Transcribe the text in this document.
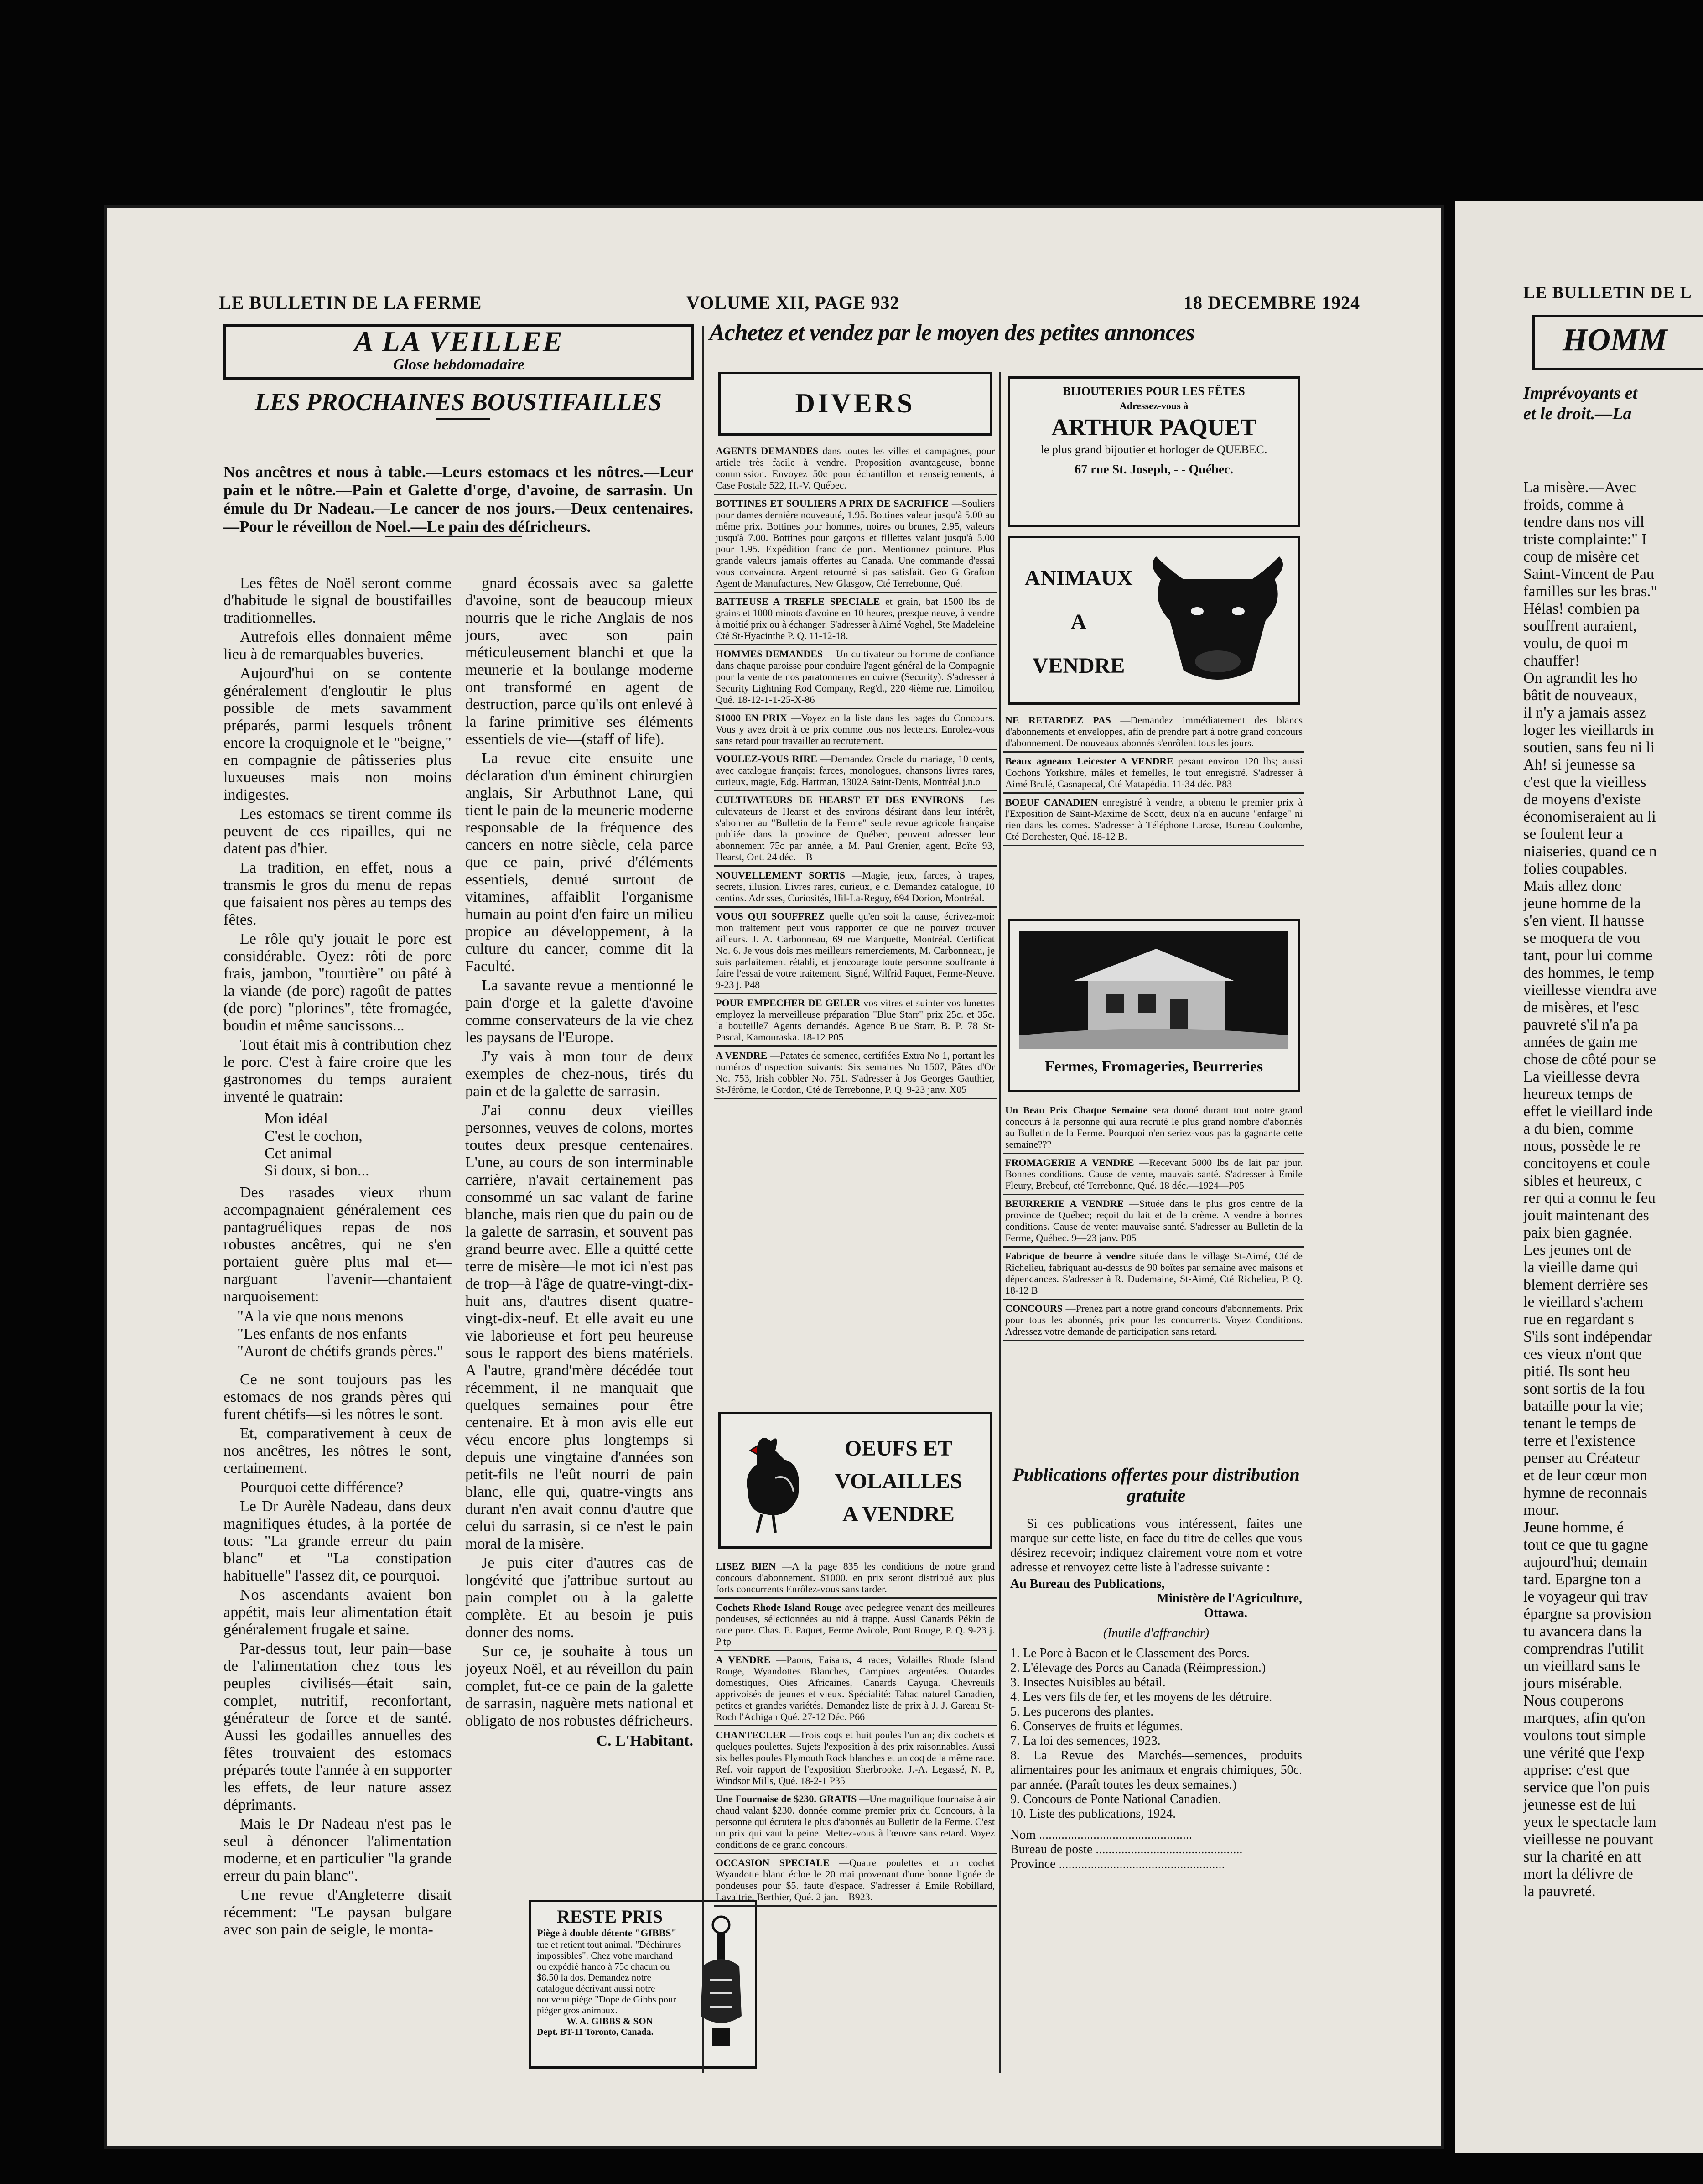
LE BULLETIN DE LA FERME	VOLUME XII, PAGE 932	18 DECEMBRE 1924
A LA VEILLEE
Glose hebdomadaire
LES PROCHAINES BOUSTIFAILLES
Nos ancêtres et nous à table.—Leurs estomacs et les nôtres.—Leur pain et le nôtre.—Pain et Galette d'orge, d'avoine, de sarrasin. Un émule du Dr Nadeau.—Le cancer de nos jours.—Deux centenaires.—Pour le réveillon de Noel.—Le pain des défricheurs.

Les fêtes de Noël seront comme d'habitude le signal de boustifailles traditionnelles.

Autrefois elles donnaient même lieu à de remarquables buveries.

Aujourd'hui on se contente généralement d'engloutir le plus possible de mets savamment préparés, parmi lesquels trônent encore la croquignole et le "beigne," en compagnie de pâtisseries plus luxueuses mais non moins indigestes.

Les estomacs se tirent comme ils peuvent de ces ripailles, qui ne datent pas d'hier.

La tradition, en effet, nous a transmis le gros du menu de repas que faisaient nos pères au temps des fêtes.

Le rôle qu'y jouait le porc est considérable. Oyez: rôti de porc frais, jambon, "tourtière" ou pâté à la viande (de porc) ragoût de pattes (de porc) "plorines", tête fromagée, boudin et même saucissons...

Tout était mis à contribution chez le porc. C'est à faire croire que les gastronomes du temps auraient inventé le quatrain:

Mon idéal
C'est le cochon,
Cet animal
Si doux, si bon...

Des rasades vieux rhum accompagnaient généralement ces pantagruéliques repas de nos robustes ancêtres, qui ne s'en portaient guère plus mal et—narguant l'avenir—chantaient narquoisement:

"A la vie que nous menons
"Les enfants de nos enfants
"Auront de chétifs grands pères."

Ce ne sont toujours pas les estomacs de nos grands pères qui furent chétifs—si les nôtres le sont.

Et, comparativement à ceux de nos ancêtres, les nôtres le sont, certainement.

Pourquoi cette différence?

Le Dr Aurèle Nadeau, dans deux magnifiques études, à la portée de tous: "La grande erreur du pain blanc" et "La constipation habituelle" l'assez dit, ce pourquoi.

Nos ascendants avaient bon appétit, mais leur alimentation était généralement frugale et saine.

Par-dessus tout, leur pain—base de l'alimentation chez tous les peuples civilisés—était sain, complet, nutritif, reconfortant, générateur de force et de santé. Aussi les godailles annuelles des fêtes trouvaient des estomacs préparés toute l'année à en supporter les effets, de leur nature assez déprimants.

Mais le Dr Nadeau n'est pas le seul à dénoncer l'alimentation moderne, et en particulier "la grande erreur du pain blanc".

Une revue d'Angleterre disait récemment: "Le paysan bulgare avec son pain de seigle, le monta-

gnard écossais avec sa galette d'avoine, sont de beaucoup mieux nourris que le riche Anglais de nos jours, avec son pain méticuleusement blanchi et que la meunerie et la boulange moderne ont transformé en agent de destruction, parce qu'ils ont enlevé à la farine primitive ses éléments essentiels de vie—(staff of life).

La revue cite ensuite une déclaration d'un éminent chirurgien anglais, Sir Arbuthnot Lane, qui tient le pain de la meunerie moderne responsable de la fréquence des cancers en notre siècle, cela parce que ce pain, privé d'éléments essentiels, denué surtout de vitamines, affaiblit l'organisme humain au point d'en faire un milieu propice au développement, à la culture du cancer, comme dit la Faculté.

La savante revue a mentionné le pain d'orge et la galette d'avoine comme conservateurs de la vie chez les paysans de l'Europe.

J'y vais à mon tour de deux exemples de chez-nous, tirés du pain et de la galette de sarrasin.

J'ai connu deux vieilles personnes, veuves de colons, mortes toutes deux presque centenaires. L'une, au cours de son interminable carrière, n'avait certainement pas consommé un sac valant de farine blanche, mais rien que du pain ou de la galette de sarrasin, et souvent pas grand beurre avec. Elle a quitté cette terre de misère—le mot ici n'est pas de trop—à l'âge de quatre-vingt-dix-huit ans, d'autres disent quatre-vingt-dix-neuf. Et elle avait eu une vie laborieuse et fort peu heureuse sous le rapport des biens matériels. A l'autre, grand'mère décédée tout récemment, il ne manquait que quelques semaines pour être centenaire. Et à mon avis elle eut vécu encore plus longtemps si depuis une vingtaine d'années son petit-fils ne l'eût nourri de pain blanc, elle qui, quatre-vingts ans durant n'en avait connu d'autre que celui du sarrasin, si ce n'est le pain moral de la misère.

Je puis citer d'autres cas de longévité que j'attribue surtout au pain complet ou à la galette complète. Et au besoin je puis donner des noms.

Sur ce, je souhaite à tous un joyeux Noël, et au réveillon du pain complet, fut-ce ce pain de la galette de sarrasin, naguère mets national et obligato de nos robustes défricheurs.

C. L'Habitant.
RESTE PRIS
Piège à double détente "GIBBS"
tue et retient tout animal. "Déchirures impossibles". Chez votre marchand ou expédié franco à 75c chacun ou $8.50 la dos. Demandez notre catalogue décrivant aussi notre nouveau piège "Dope de Gibbs pour piéger gros animaux.
W. A. GIBBS & SON
Dept. BT-11 Toronto, Canada.
Achetez et vendez par le moyen des petites annonces
DIVERS
AGENTS DEMANDES dans toutes les villes et campagnes, pour article très facile à vendre. Proposition avantageuse, bonne commission. Envoyez 50c pour échantillon et renseignements, à Case Postale 522, H.-V. Québec.
BOTTINES ET SOULIERS A PRIX DE SACRIFICE —Souliers pour dames dernière nouveauté, 1.95. Bottines valeur jusqu'à 5.00 au même prix. Bottines pour hommes, noires ou brunes, 2.95, valeurs jusqu'à 7.00. Bottines pour garçons et fillettes valant jusqu'à 5.00 pour 1.95. Expédition franc de port. Mentionnez pointure. Plus grande valeurs jamais offertes au Canada. Une commande d'essai vous convaincra. Argent retourné si pas satisfait. Geo G Grafton Agent de Manufactures, New Glasgow, Cté Terrebonne, Qué.
BATTEUSE A TREFLE SPECIALE et grain, bat 1500 lbs de grains et 1000 minots d'avoine en 10 heures, presque neuve, à vendre à moitié prix ou à échanger. S'adresser à Aimé Voghel, Ste Madeleine Cté St-Hyacinthe P. Q. 11-12-18.
HOMMES DEMANDES —Un cultivateur ou homme de confiance dans chaque paroisse pour conduire l'agent général de la Compagnie pour la vente de nos paratonnerres en cuivre (Security). S'adresser à Security Lightning Rod Company, Reg'd., 220 4ième rue, Limoilou, Qué. 18-12-1-1-25-X-86
$1000 EN PRIX —Voyez en la liste dans les pages du Concours. Vous y avez droit à ce prix comme tous nos lecteurs. Enrolez-vous sans retard pour travailler au recrutement.
VOULEZ-VOUS RIRE —Demandez Oracle du mariage, 10 cents, avec catalogue français; farces, monologues, chansons livres rares, curieux, magie, Edg. Hartman, 1302A Saint-Denis, Montréal j.n.o
CULTIVATEURS DE HEARST ET DES ENVIRONS —Les cultivateurs de Hearst et des environs désirant dans leur intérêt, s'abonner au "Bulletin de la Ferme" seule revue agricole française publiée dans la province de Québec, peuvent adresser leur abonnement 75c par année, à M. Paul Grenier, agent, Boîte 93, Hearst, Ont. 24 déc.—B
NOUVELLEMENT SORTIS —Magie, jeux, farces, à trapes, secrets, illusion. Livres rares, curieux, e c. Demandez catalogue, 10 centins. Adr sses, Curiosités, Hil-La-Reguy, 694 Dorion, Montréal.
VOUS QUI SOUFFREZ quelle qu'en soit la cause, écrivez-moi: mon traitement peut vous rapporter ce que ne pouvez trouver ailleurs. J. A. Carbonneau, 69 rue Marquette, Montréal. Certificat No. 6. Je vous dois mes meilleurs remerciements, M. Carbonneau, je suis parfaitement rétabli, et j'encourage toute personne souffrante à faire l'essai de votre traitement, Signé, Wilfrid Paquet, Ferme-Neuve. 9-23 j. P48
POUR EMPECHER DE GELER vos vitres et suinter vos lunettes employez la merveilleuse préparation "Blue Starr" prix 25c. et 35c. la bouteille7 Agents demandés. Agence Blue Starr, B. P. 78 St-Pascal, Kamouraska. 18-12 P05
A VENDRE —Patates de semence, certifiées Extra No 1, portant les numéros d'inspection suivants: Six semaines No 1507, Pâtes d'Or No. 753, Irish cobbler No. 751. S'adresser à Jos Georges Gauthier, St-Jérôme, le Cordon, Cté de Terrebonne, P. Q. 9-23 janv. X05
OEUFS ET
VOLAILLES
A VENDRE
LISEZ BIEN —A la page 835 les conditions de notre grand concours d'abonnement. $1000. en prix seront distribué aux plus forts concurrents Enrôlez-vous sans tarder.
Cochets Rhode Island Rouge avec pedegree venant des meilleures pondeuses, sélectionnées au nid à trappe. Aussi Canards Pékin de race pure. Chas. E. Paquet, Ferme Avicole, Pont Rouge, P. Q. 9-23 j. P tp
A VENDRE —Paons, Faisans, 4 races; Volailles Rhode Island Rouge, Wyandottes Blanches, Campines argentées. Outardes domestiques, Oies Africaines, Canards Cayuga. Chevreuils apprivoisés de jeunes et vieux. Spécialité: Tabac naturel Canadien, petites et grandes variétés. Demandez liste de prix à J. J. Gareau St-Roch l'Achigan Qué. 27-12 Déc. P66
CHANTECLER —Trois coqs et huit poules l'un an; dix cochets et quelques poulettes. Sujets l'exposition à des prix raisonnables. Aussi six belles poules Plymouth Rock blanches et un coq de la même race. Ref. voir rapport de l'exposition Sherbrooke. J.-A. Legassé, N. P., Windsor Mills, Qué. 18-2-1 P35
Une Fournaise de $230. GRATIS —Une magnifique fournaise à air chaud valant $230. donnée comme premier prix du Concours, à la personne qui écrutera le plus d'abonnés au Bulletin de la Ferme. C'est un prix qui vaut la peine. Mettez-vous à l'œuvre sans retard. Voyez conditions de ce grand concours.
OCCASION SPECIALE —Quatre poulettes et un cochet Wyandotte blanc écloe le 20 mai provenant d'une bonne lignée de pondeuses pour $5. faute d'espace. S'adresser à Emile Robillard, Lavaltrie, Berthier, Qué. 2 jan.—B923.
BIJOUTERIES POUR LES FÊTES
Adressez-vous à
ARTHUR PAQUET
le plus grand bijoutier et horloger de QUEBEC.
67 rue St. Joseph, - - Québec.
ANIMAUX
A
VENDRE
NE RETARDEZ PAS —Demandez immédiatement des blancs d'abonnements et enveloppes, afin de prendre part à notre grand concours d'abonnement. De nouveaux abonnés s'enrôlent tous les jours.
Beaux agneaux Leicester A VENDRE pesant environ 120 lbs; aussi Cochons Yorkshire, mâles et femelles, le tout enregistré. S'adresser à Aimé Brulé, Casnapecal, Cté Matapédia. 11-34 déc. P83
BOEUF CANADIEN enregistré à vendre, a obtenu le premier prix à l'Exposition de Saint-Maxime de Scott, deux n'a en aucune "enfarge" ni rien dans les cornes. S'adresser à Téléphone Larose, Bureau Coulombe, Cté Dorchester, Qué. 18-12 B.
Fermes, Fromageries, Beurreries
Un Beau Prix Chaque Semaine sera donné durant tout notre grand concours à la personne qui aura recruté le plus grand nombre d'abonnés au Bulletin de la Ferme. Pourquoi n'en seriez-vous pas la gagnante cette semaine???
FROMAGERIE A VENDRE —Recevant 5000 lbs de lait par jour. Bonnes conditions. Cause de vente, mauvais santé. S'adresser à Emile Fleury, Brebeuf, cté Terrebonne, Qué. 18 déc.—1924—P05
BEURRERIE A VENDRE —Située dans le plus gros centre de la province de Québec; reçoit du lait et de la crème. A vendre à bonnes conditions. Cause de vente: mauvaise santé. S'adresser au Bulletin de la Ferme, Québec. 9—23 janv. P05
Fabrique de beurre à vendre située dans le village St-Aimé, Cté de Richelieu, fabriquant au-dessus de 90 boîtes par semaine avec maisons et dépendances. S'adresser à R. Dudemaine, St-Aimé, Cté Richelieu, P. Q. 18-12 B
CONCOURS —Prenez part à notre grand concours d'abonnements. Prix pour tous les abonnés, prix pour les concurrents. Voyez Conditions. Adressez votre demande de participation sans retard.
Publications offertes pour distribution gratuite

Si ces publications vous intéressent, faites une marque sur cette liste, en face du titre de celles que vous désirez recevoir; indiquez clairement votre nom et votre adresse et renvoyez cette liste à l'adresse suivante :

Au Bureau des Publications,
Ministère de l'Agriculture,
Ottawa.
(Inutile d'affranchir)
1. Le Porc à Bacon et le Classement des Porcs.
2. L'élevage des Porcs au Canada (Réimpression.)
3. Insectes Nuisibles au bétail.
4. Les vers fils de fer, et les moyens de les détruire.
5. Les pucerons des plantes.
6. Conserves de fruits et légumes.
7. La loi des semences, 1923.
8. La Revue des Marchés—semences, produits alimentaires pour les animaux et engrais chimiques, 50c. par année. (Paraît toutes les deux semaines.)
9. Concours de Ponte National Canadien.
10. Liste des publications, 1924.
Nom ................................................
Bureau de poste ..............................................
Province ....................................................
LE BULLETIN DE L
HOMM
Imprévoyants et
et le droit.—La
La misère.—Avec
froids, comme à
tendre dans nos vill
triste complainte:" I
coup de misère cet
Saint-Vincent de Pau
familles sur les bras."
Hélas! combien pa
souffrent auraient,
voulu, de quoi m
chauffer!
On agrandit les ho
bâtit de nouveaux,
il n'y a jamais assez
loger les vieillards in
soutien, sans feu ni li
Ah! si jeunesse sa
c'est que la vieilless
de moyens d'existe
économiseraient au li
se foulent leur a
niaiseries, quand ce n
folies coupables.
Mais allez donc
jeune homme de la
s'en vient. Il hausse
se moquera de vou
tant, pour lui comme
des hommes, le temp
vieillesse viendra ave
de misères, et l'esc
pauvreté s'il n'a pa
années de gain me
chose de côté pour se
La vieillesse devra
heureux temps de
effet le vieillard inde
a du bien, comme
nous, possède le re
concitoyens et coule
sibles et heureux, c
rer qui a connu le feu
jouit maintenant des
paix bien gagnée.
Les jeunes ont de
la vieille dame qui
blement derrière ses
le vieillard s'achem
rue en regardant s
S'ils sont indépendar
ces vieux n'ont que
pitié. Ils sont heu
sont sortis de la fou
bataille pour la vie;
tenant le temps de
terre et l'existence
penser au Créateur
et de leur cœur mon
hymne de reconnais
mour.
Jeune homme, é
tout ce que tu gagne
aujourd'hui; demain
tard. Epargne ton a
le voyageur qui trav
épargne sa provision
tu avancera dans la
comprendras l'utilit
un vieillard sans le
jours misérable.
Nous couperons
marques, afin qu'on
voulons tout simple
une vérité que l'exp
apprise: c'est que
service que l'on puis
jeunesse est de lui
yeux le spectacle lam
vieillesse ne pouvant
sur la charité en att
mort la délivre de
la pauvreté.
